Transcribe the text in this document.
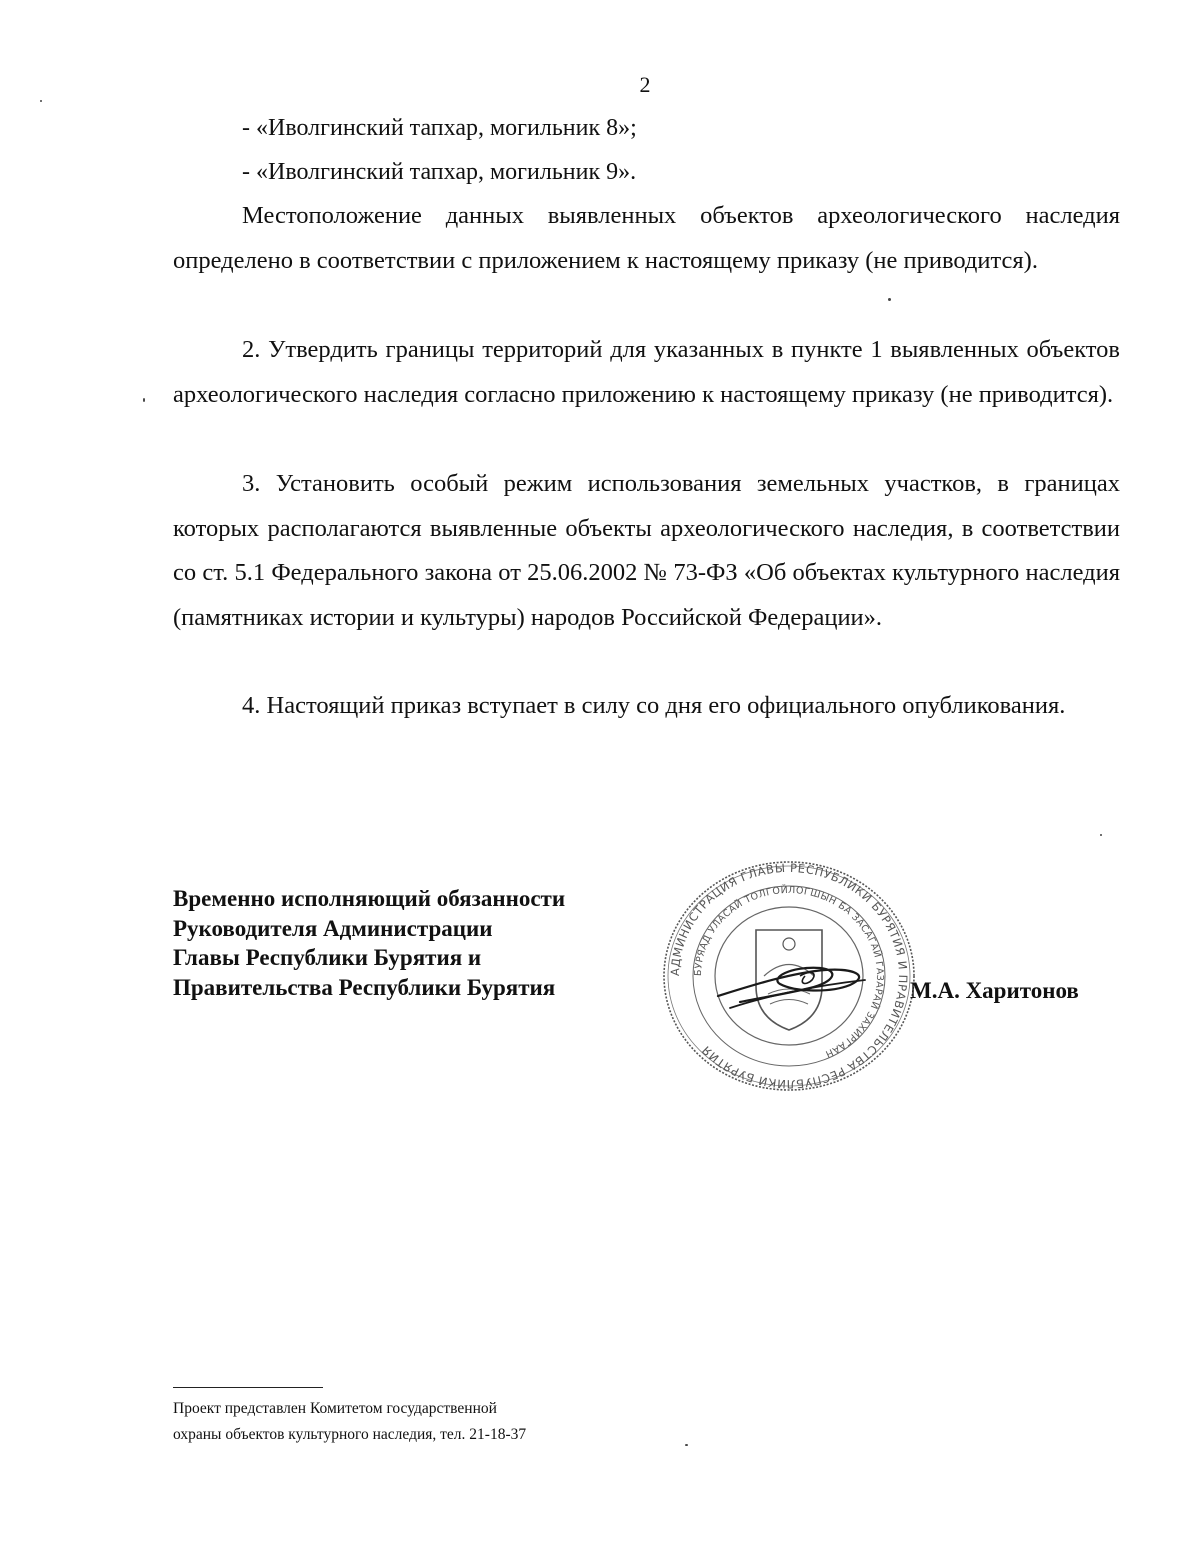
2
- «Иволгинский тапхар, могильник 8»;
- «Иволгинский тапхар, могильник 9».

Местоположение данных выявленных объектов археологического наследия определено в соответствии с приложением к настоящему приказу (не приводится).

2. Утвердить границы территорий для указанных в пункте 1 выявленных объектов археологического наследия согласно приложению к настоящему приказу (не приводится).

3. Установить особый режим использования земельных участков, в границах которых располагаются выявленные объекты археологического наследия, в соответствии со ст. 5.1 Федерального закона от 25.06.2002 № 73-ФЗ «Об объектах культурного наследия (памятниках истории и культуры) народов Российской Федерации».

4. Настоящий приказ вступает в силу со дня его официального опубликования.

Временно исполняющий обязанности
Руководителя Администрации
Главы Республики Бурятия и
Правительства Республики Бурятия
АДМИНИСТРАЦИЯ ГЛАВЫ РЕСПУБЛИКИ БУРЯТИЯ И ПРАВИТЕЛЬСТВА РЕСПУБЛИКИ БУРЯТИЯ
БУРЯАД УЛАСАЙ ТОЛГОЙЛОГШЫН БА ЗАСАГАЙ ГАЗАРАЙ ЗАХИРГААН
М.А. Харитонов
Проект представлен Комитетом государственной
охраны объектов культурного наследия, тел. 21-18-37
